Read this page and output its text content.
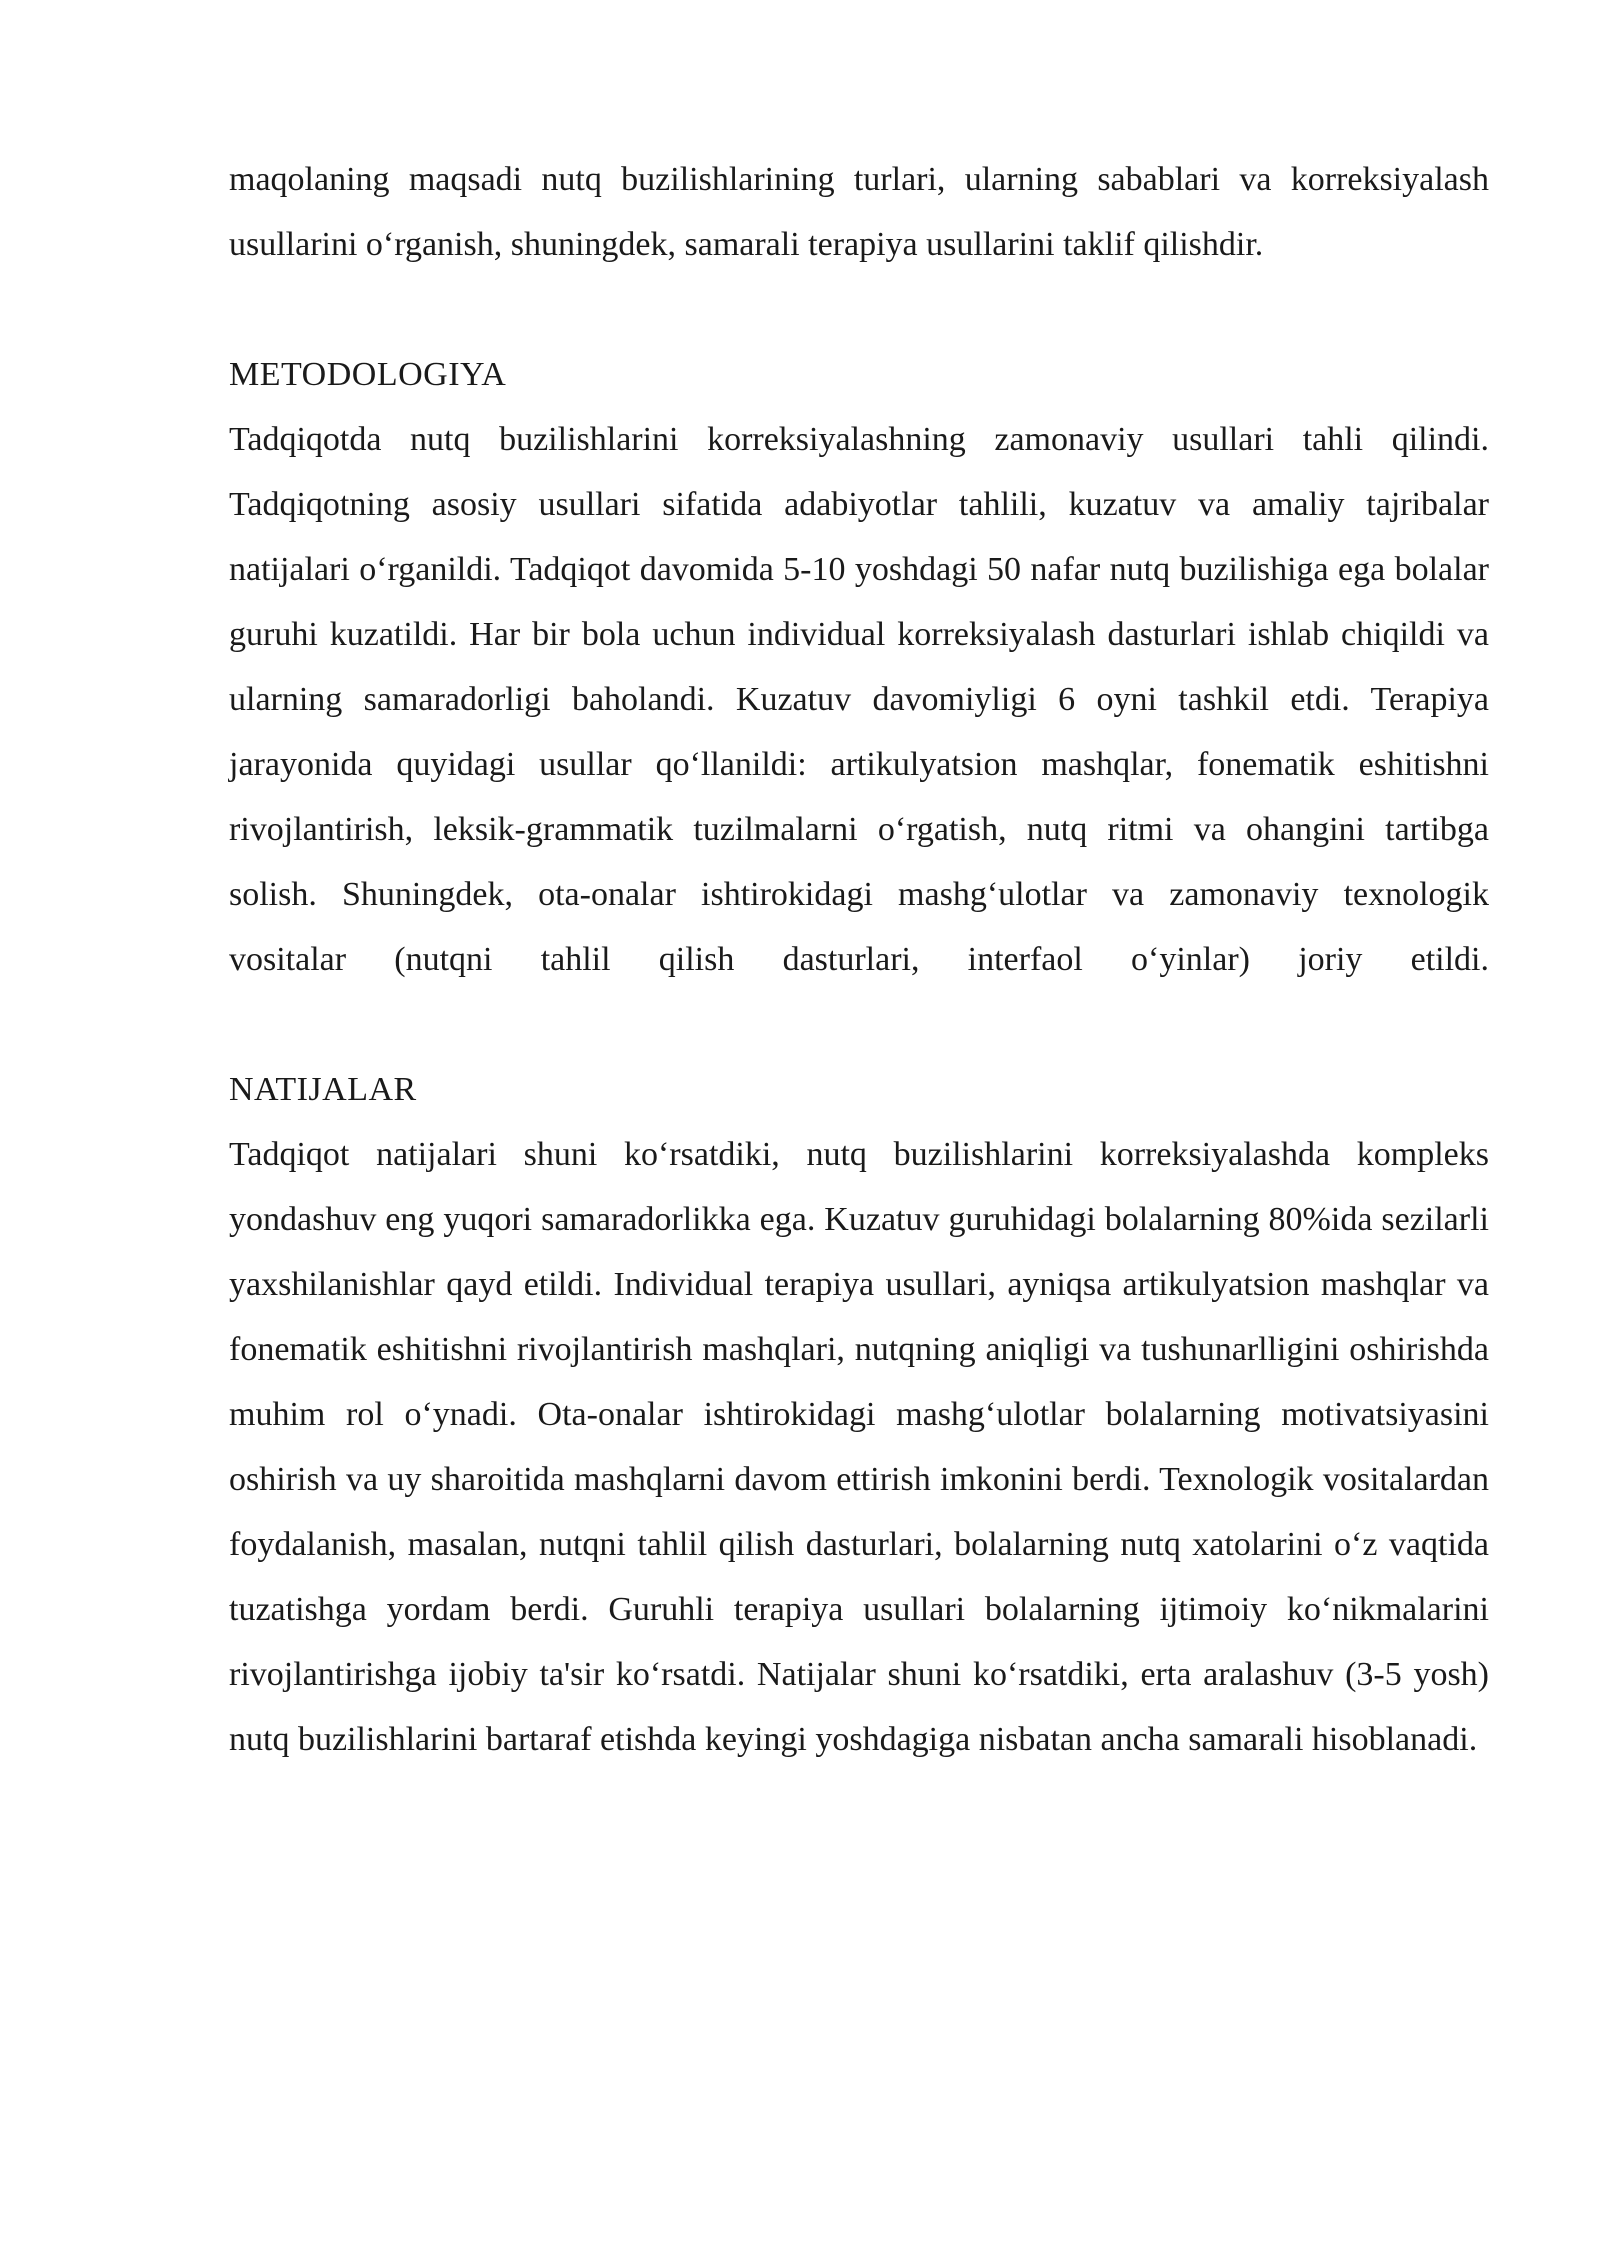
maqolaning maqsadi nutq buzilishlarining turlari, ularning sabablari va korreksiyalash usullarini o‘rganish, shuningdek, samarali terapiya usullarini taklif qilishdir.

METODOLOGIYA

Tadqiqotda nutq buzilishlarini korreksiyalashning zamonaviy usullari tahli qilindi. Tadqiqotning asosiy usullari sifatida adabiyotlar tahlili, kuzatuv va amaliy tajribalar natijalari o‘rganildi. Tadqiqot davomida 5-10 yoshdagi 50 nafar nutq buzilishiga ega bolalar guruhi kuzatildi. Har bir bola uchun individual korreksiyalash dasturlari ishlab chiqildi va ularning samaradorligi baholandi. Kuzatuv davomiyligi 6 oyni tashkil etdi. Terapiya jarayonida quyidagi usullar qo‘llanildi: artikulyatsion mashqlar, fonematik eshitishni rivojlantirish, leksik-grammatik tuzilmalarni o‘rgatish, nutq ritmi va ohangini tartibga solish. Shuningdek, ota-onalar ishtirokidagi mashg‘ulotlar va zamonaviy texnologik vositalar (nutqni tahlil qilish dasturlari, interfaol o‘yinlar) joriy etildi.

NATIJALAR

Tadqiqot natijalari shuni ko‘rsatdiki, nutq buzilishlarini korreksiyalashda kompleks yondashuv eng yuqori samaradorlikka ega. Kuzatuv guruhidagi bolalarning 80%ida sezilarli yaxshilanishlar qayd etildi. Individual terapiya usullari, ayniqsa artikulyatsion mashqlar va fonematik eshitishni rivojlantirish mashqlari, nutqning aniqligi va tushunarlligini oshirishda muhim rol o‘ynadi. Ota-onalar ishtirokidagi mashg‘ulotlar bolalarning motivatsiyasini oshirish va uy sharoitida mashqlarni davom ettirish imkonini berdi. Texnologik vositalardan foydalanish, masalan, nutqni tahlil qilish dasturlari, bolalarning nutq xatolarini o‘z vaqtida tuzatishga yordam berdi. Guruhli terapiya usullari bolalarning ijtimoiy ko‘nikmalarini rivojlantirishga ijobiy ta'sir ko‘rsatdi. Natijalar shuni ko‘rsatdiki, erta aralashuv (3-5 yosh) nutq buzilishlarini bartaraf etishda keyingi yoshdagiga nisbatan ancha samarali hisoblanadi.
